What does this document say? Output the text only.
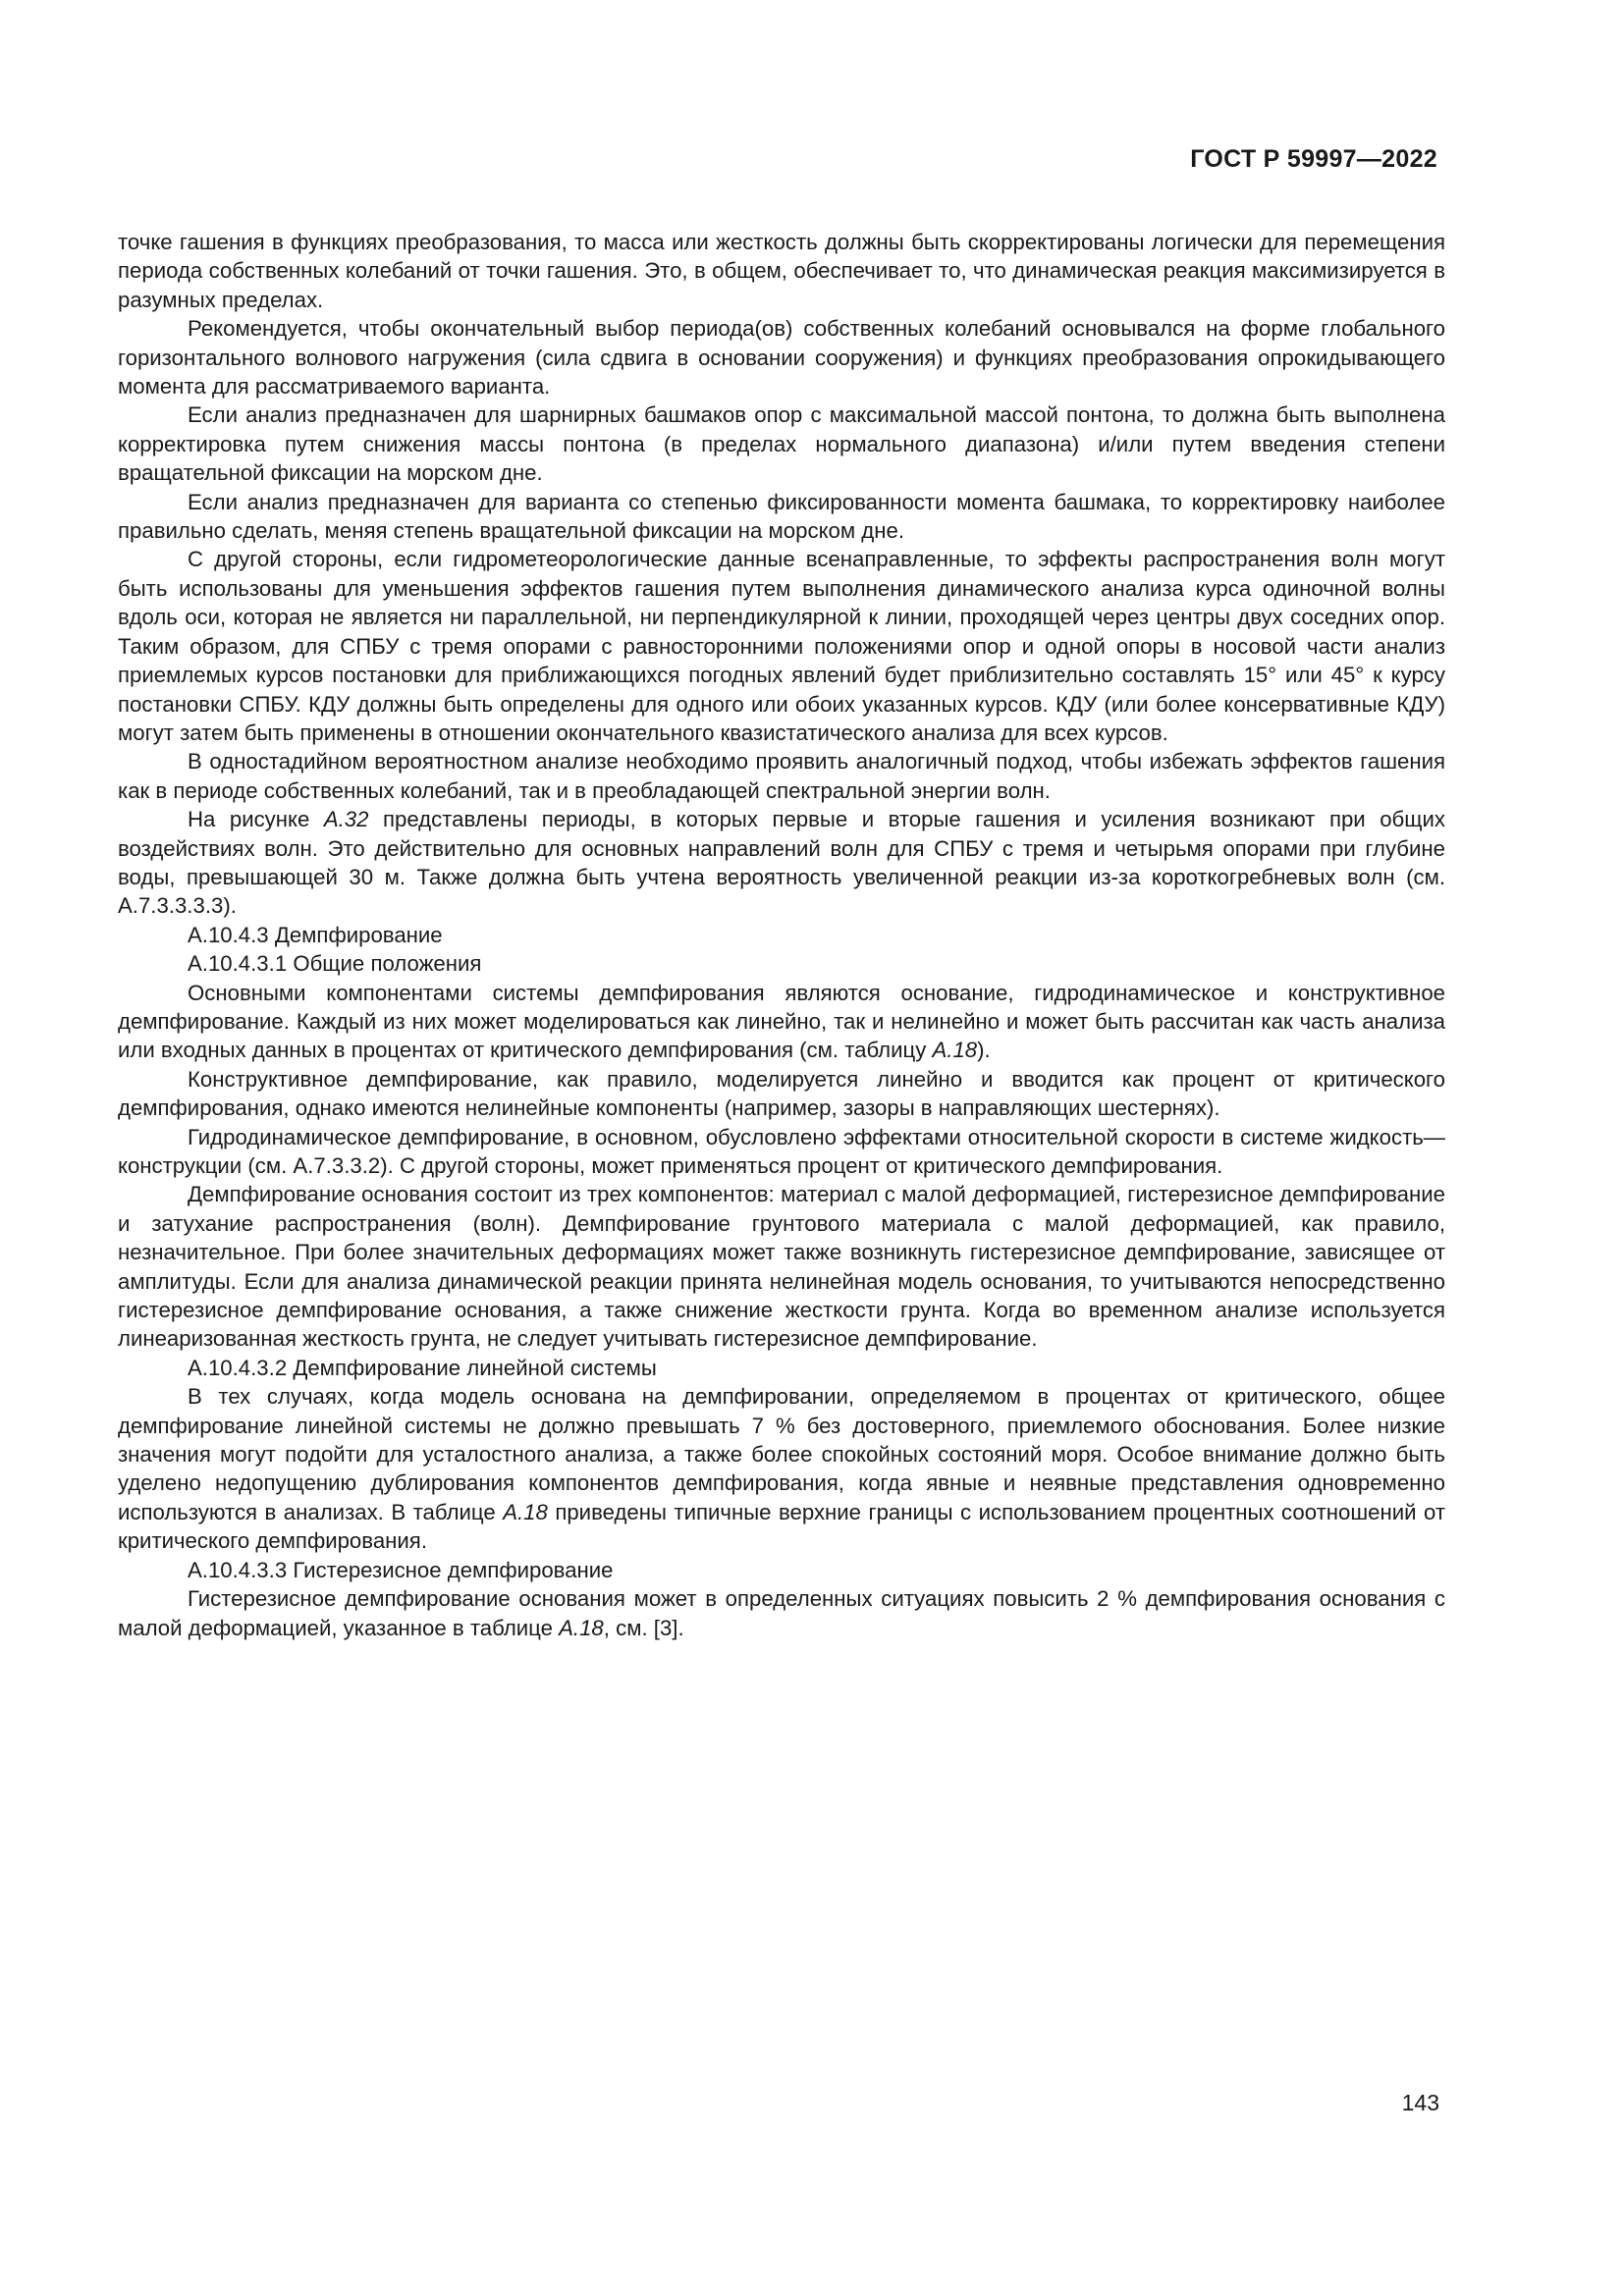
ГОСТ Р 59997—2022

точке гашения в функциях преобразования, то масса или жесткость должны быть скорректированы логически для перемещения периода собственных колебаний от точки гашения. Это, в общем, обеспечивает то, что динамическая реакция максимизируется в разумных пределах.

Рекомендуется, чтобы окончательный выбор периода(ов) собственных колебаний основывался на форме глобального горизонтального волнового нагружения (сила сдвига в основании сооружения) и функциях преобразования опрокидывающего момента для рассматриваемого варианта.

Если анализ предназначен для шарнирных башмаков опор с максимальной массой понтона, то должна быть выполнена корректировка путем снижения массы понтона (в пределах нормального диапазона) и/или путем введения степени вращательной фиксации на морском дне.

Если анализ предназначен для варианта со степенью фиксированности момента башмака, то корректировку наиболее правильно сделать, меняя степень вращательной фиксации на морском дне.

С другой стороны, если гидрометеорологические данные всенаправленные, то эффекты распространения волн могут быть использованы для уменьшения эффектов гашения путем выполнения динамического анализа курса одиночной волны вдоль оси, которая не является ни параллельной, ни перпендикулярной к линии, проходящей через центры двух соседних опор. Таким образом, для СПБУ с тремя опорами с равносторонними положениями опор и одной опоры в носовой части анализ приемлемых курсов постановки для приближающихся погодных явлений будет приблизительно составлять 15° или 45° к курсу постановки СПБУ. КДУ должны быть определены для одного или обоих указанных курсов. КДУ (или более консервативные КДУ) могут затем быть применены в отношении окончательного квазистатического анализа для всех курсов.

В одностадийном вероятностном анализе необходимо проявить аналогичный подход, чтобы избежать эффектов гашения как в периоде собственных колебаний, так и в преобладающей спектральной энергии волн.

На рисунке А.32 представлены периоды, в которых первые и вторые гашения и усиления возникают при общих воздействиях волн. Это действительно для основных направлений волн для СПБУ с тремя и четырьмя опорами при глубине воды, превышающей 30 м. Также должна быть учтена вероятность увеличенной реакции из-за короткогребневых волн (см. А.7.3.3.3.3).

А.10.4.3 Демпфирование

А.10.4.3.1 Общие положения

Основными компонентами системы демпфирования являются основание, гидродинамическое и конструктивное демпфирование. Каждый из них может моделироваться как линейно, так и нелинейно и может быть рассчитан как часть анализа или входных данных в процентах от критического демпфирования (см. таблицу А.18).

Конструктивное демпфирование, как правило, моделируется линейно и вводится как процент от критического демпфирования, однако имеются нелинейные компоненты (например, зазоры в направляющих шестернях).

Гидродинамическое демпфирование, в основном, обусловлено эффектами относительной скорости в системе жидкость—конструкции (см. А.7.3.3.2). С другой стороны, может применяться процент от критического демпфирования.

Демпфирование основания состоит из трех компонентов: материал с малой деформацией, гистерезисное демпфирование и затухание распространения (волн). Демпфирование грунтового материала с малой деформацией, как правило, незначительное. При более значительных деформациях может также возникнуть гистерезисное демпфирование, зависящее от амплитуды. Если для анализа динамической реакции принята нелинейная модель основания, то учитываются непосредственно гистерезисное демпфирование основания, а также снижение жесткости грунта. Когда во временном анализе используется линеаризованная жесткость грунта, не следует учитывать гистерезисное демпфирование.

А.10.4.3.2 Демпфирование линейной системы

В тех случаях, когда модель основана на демпфировании, определяемом в процентах от критического, общее демпфирование линейной системы не должно превышать 7 % без достоверного, приемлемого обоснования. Более низкие значения могут подойти для усталостного анализа, а также более спокойных состояний моря. Особое внимание должно быть уделено недопущению дублирования компонентов демпфирования, когда явные и неявные представления одновременно используются в анализах. В таблице А.18 приведены типичные верхние границы с использованием процентных соотношений от критического демпфирования.

А.10.4.3.3 Гистерезисное демпфирование

Гистерезисное демпфирование основания может в определенных ситуациях повысить 2 % демпфирования основания с малой деформацией, указанное в таблице А.18, см. [3].

143
